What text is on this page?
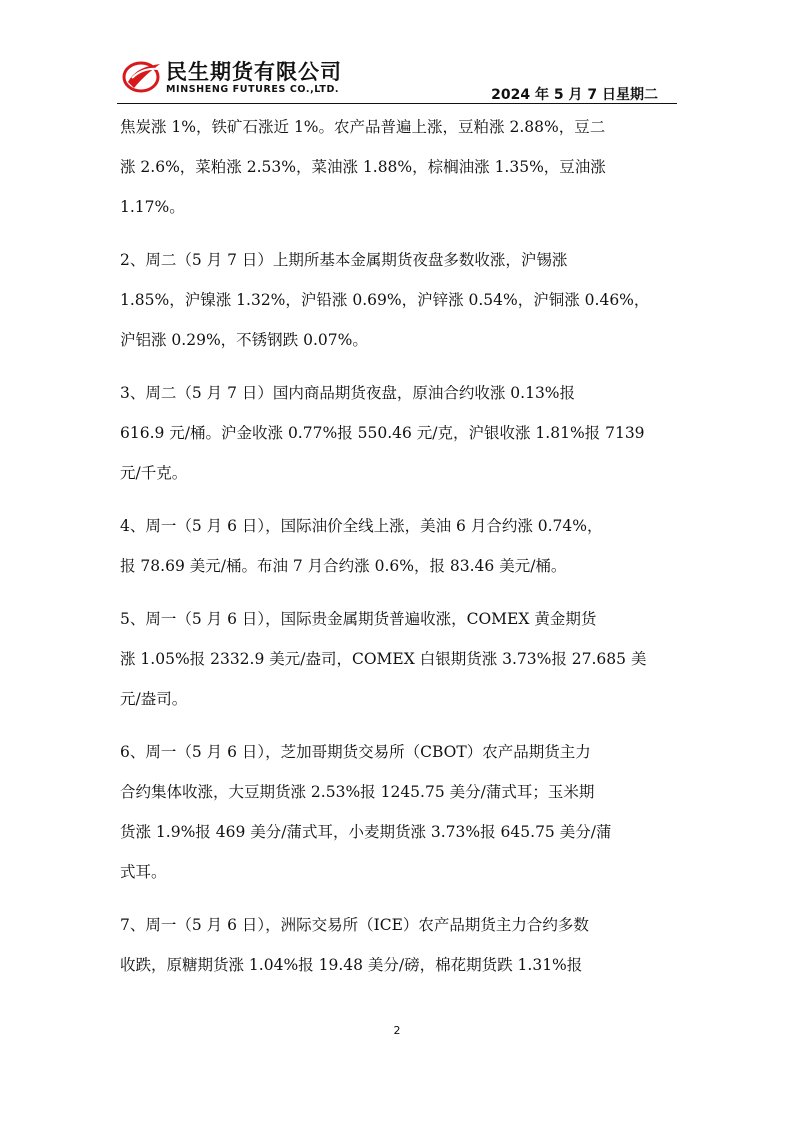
民生期货有限公司
MINSHENG FUTURES CO.,LTD.	2024 年 5 月 7 日星期二
焦炭涨 1%，铁矿石涨近 1%。农产品普遍上涨，豆粕涨 2.88%，豆二
涨 2.6%，菜粕涨 2.53%，菜油涨 1.88%，棕榈油涨 1.35%，豆油涨
1.17%。
2、周二（5 月 7 日）上期所基本金属期货夜盘多数收涨，沪锡涨
1.85%，沪镍涨 1.32%，沪铅涨 0.69%，沪锌涨 0.54%，沪铜涨 0.46%，
沪铝涨 0.29%，不锈钢跌 0.07%。
3、周二（5 月 7 日）国内商品期货夜盘，原油合约收涨 0.13%报
616.9 元/桶。沪金收涨 0.77%报 550.46 元/克，沪银收涨 1.81%报 7139
元/千克。
4、周一（5 月 6 日），国际油价全线上涨，美油 6 月合约涨 0.74%，
报 78.69 美元/桶。布油 7 月合约涨 0.6%，报 83.46 美元/桶。
5、周一（5 月 6 日），国际贵金属期货普遍收涨，COMEX 黄金期货
涨 1.05%报 2332.9 美元/盎司，COMEX 白银期货涨 3.73%报 27.685 美
元/盎司。
6、周一（5 月 6 日），芝加哥期货交易所（CBOT）农产品期货主力
合约集体收涨，大豆期货涨 2.53%报 1245.75 美分/蒲式耳；玉米期
货涨 1.9%报 469 美分/蒲式耳，小麦期货涨 3.73%报 645.75 美分/蒲
式耳。
7、周一（5 月 6 日），洲际交易所（ICE）农产品期货主力合约多数
收跌，原糖期货涨 1.04%报 19.48 美分/磅，棉花期货跌 1.31%报
2
